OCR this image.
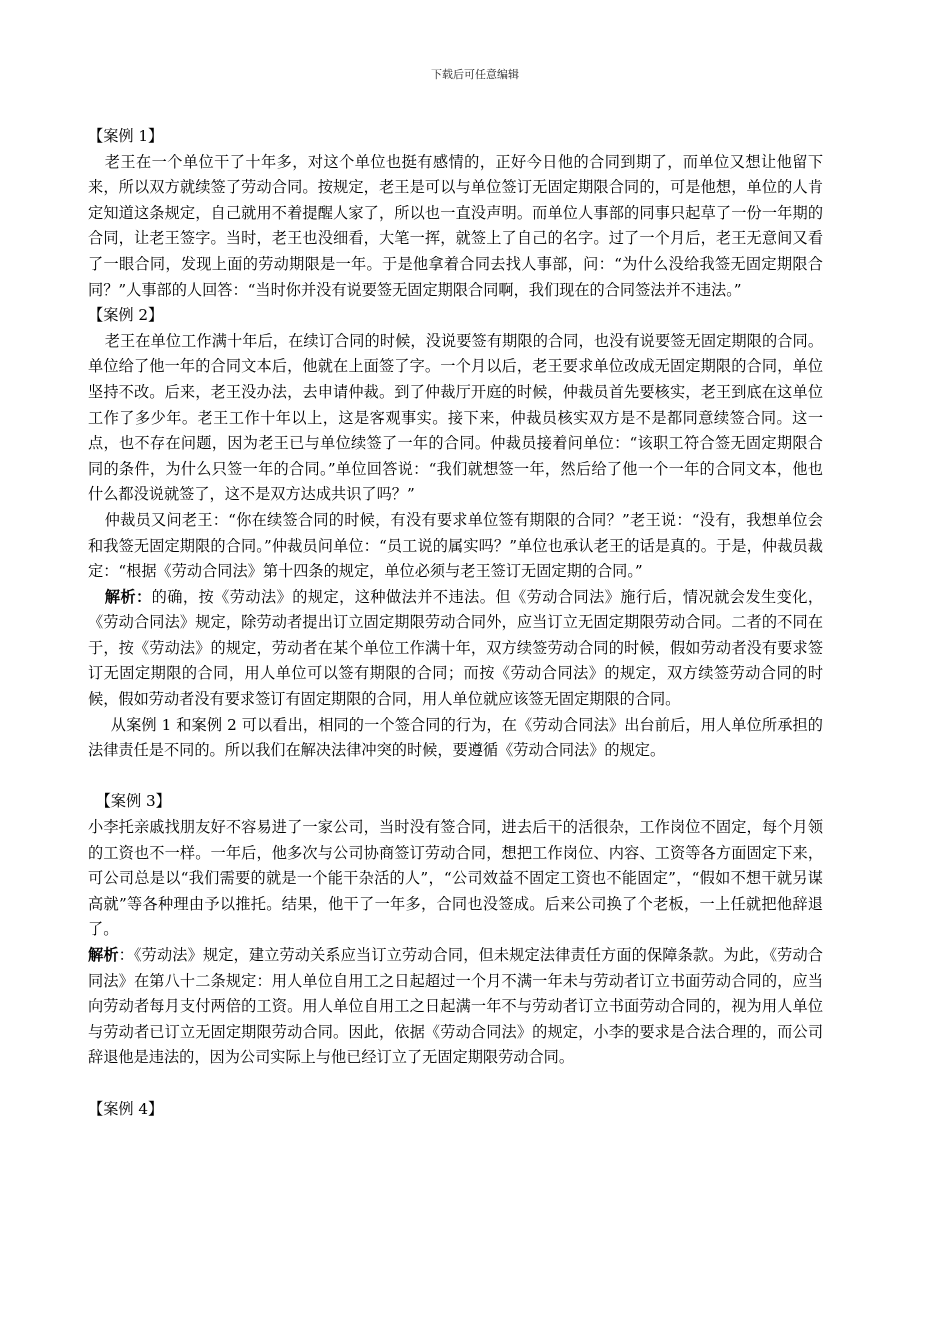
下载后可任意编辑

【案例 1】

老王在一个单位干了十年多，对这个单位也挺有感情的，正好今日他的合同到期了，而单位又想让他留下来，所以双方就续签了劳动合同。按规定，老王是可以与单位签订无固定期限合同的，可是他想，单位的人肯定知道这条规定，自己就用不着提醒人家了，所以也一直没声明。而单位人事部的同事只起草了一份一年期的合同，让老王签字。当时，老王也没细看，大笔一挥，就签上了自己的名字。过了一个月后，老王无意间又看了一眼合同，发现上面的劳动期限是一年。于是他拿着合同去找人事部，问：“为什么没给我签无固定期限合同？”人事部的人回答：“当时你并没有说要签无固定期限合同啊，我们现在的合同签法并不违法。”

【案例 2】

老王在单位工作满十年后，在续订合同的时候，没说要签有期限的合同，也没有说要签无固定期限的合同。单位给了他一年的合同文本后，他就在上面签了字。一个月以后，老王要求单位改成无固定期限的合同，单位坚持不改。后来，老王没办法，去申请仲裁。到了仲裁厅开庭的时候，仲裁员首先要核实，老王到底在这单位工作了多少年。老王工作十年以上，这是客观事实。接下来，仲裁员核实双方是不是都同意续签合同。这一点，也不存在问题，因为老王已与单位续签了一年的合同。仲裁员接着问单位：“该职工符合签无固定期限合同的条件，为什么只签一年的合同。”单位回答说：“我们就想签一年，然后给了他一个一年的合同文本，他也什么都没说就签了，这不是双方达成共识了吗？”

仲裁员又问老王：“你在续签合同的时候，有没有要求单位签有期限的合同？”老王说：“没有，我想单位会和我签无固定期限的合同。”仲裁员问单位：“员工说的属实吗？”单位也承认老王的话是真的。于是，仲裁员裁定：“根据《劳动合同法》第十四条的规定，单位必须与老王签订无固定期的合同。”

解析：的确，按《劳动法》的规定，这种做法并不违法。但《劳动合同法》施行后，情况就会发生变化，《劳动合同法》规定，除劳动者提出订立固定期限劳动合同外，应当订立无固定期限劳动合同。二者的不同在于，按《劳动法》的规定，劳动者在某个单位工作满十年，双方续签劳动合同的时候，假如劳动者没有要求签订无固定期限的合同，用人单位可以签有期限的合同；而按《劳动合同法》的规定，双方续签劳动合同的时候，假如劳动者没有要求签订有固定期限的合同，用人单位就应该签无固定期限的合同。

从案例 1 和案例 2 可以看出，相同的一个签合同的行为，在《劳动合同法》出台前后，用人单位所承担的法律责任是不同的。所以我们在解决法律冲突的时候，要遵循《劳动合同法》的规定。

【案例 3】

小李托亲戚找朋友好不容易进了一家公司，当时没有签合同，进去后干的活很杂，工作岗位不固定，每个月领的工资也不一样。一年后，他多次与公司协商签订劳动合同，想把工作岗位、内容、工资等各方面固定下来，可公司总是以“我们需要的就是一个能干杂活的人”，“公司效益不固定工资也不能固定”，“假如不想干就另谋高就”等各种理由予以推托。结果，他干了一年多，合同也没签成。后来公司换了个老板，一上任就把他辞退了。

解析：《劳动法》规定，建立劳动关系应当订立劳动合同，但未规定法律责任方面的保障条款。为此，《劳动合同法》在第八十二条规定：用人单位自用工之日起超过一个月不满一年未与劳动者订立书面劳动合同的，应当向劳动者每月支付两倍的工资。用人单位自用工之日起满一年不与劳动者订立书面劳动合同的，视为用人单位与劳动者已订立无固定期限劳动合同。因此，依据《劳动合同法》的规定，小李的要求是合法合理的，而公司辞退他是违法的，因为公司实际上与他已经订立了无固定期限劳动合同。

【案例 4】
